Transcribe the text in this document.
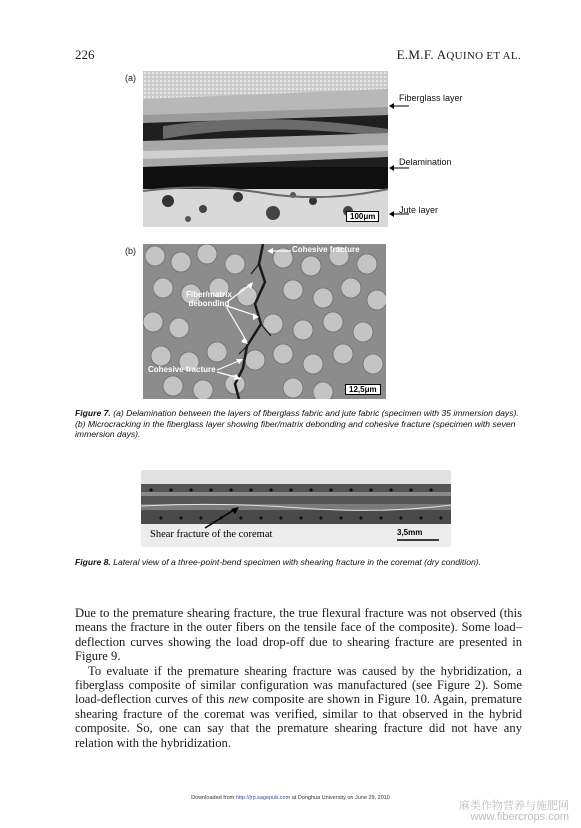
226	E.M.F. AQUINO ET AL.
(a)
100μm
Fiberglass layer
Delamination
Jute layer
(b)	Cohesive fracture
Fiber/matrix
debonding
Cohesive fracture
12,5μm
Figure 7. (a) Delamination between the layers of fiberglass fabric and jute fabric (specimen with 35 immersion days). (b) Microcracking in the fiberglass layer showing fiber/matrix debonding and cohesive fracture (specimen with seven immersion days).
Shear fracture of the coremat	3,5mm
Figure 8. Lateral view of a three-point-bend specimen with shearing fracture in the coremat (dry condition).

Due to the premature shearing fracture, the true flexural fracture was not observed (this means the fracture in the outer fibers on the tensile face of the composite). Some load–deflection curves showing the load drop-off due to shearing fracture are presented in Figure 9.

To evaluate if the premature shearing fracture was caused by the hybridization, a fiberglass composite of similar configuration was manufactured (see Figure 2). Some load-deflection curves of this new composite are shown in Figure 10. Again, premature shearing fracture of the coremat was verified, similar to that observed in the hybrid composite. So, one can say that the premature shearing fracture did not have any relation with the hybridization.

Downloaded from http://jrp.sagepub.com at Donghua University on June 29, 2010
麻类作物营养与施肥网
www.fibercrops.com
